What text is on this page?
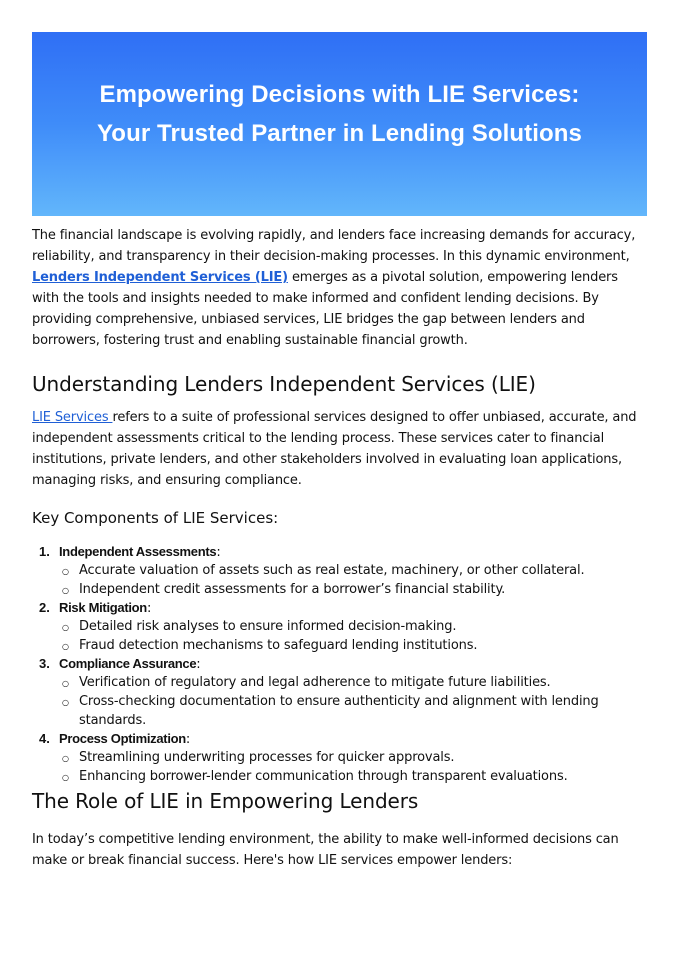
Empowering Decisions with LIE Services:
Your Trusted Partner in Lending Solutions

The financial landscape is evolving rapidly, and lenders face increasing demands for accuracy, reliability, and transparency in their decision-making processes. In this dynamic environment, Lenders Independent Services (LIE) emerges as a pivotal solution, empowering lenders with the tools and insights needed to make informed and confident lending decisions. By providing comprehensive, unbiased services, LIE bridges the gap between lenders and borrowers, fostering trust and enabling sustainable financial growth.

Understanding Lenders Independent Services (LIE)

LIE Services refers to a suite of professional services designed to offer unbiased, accurate, and independent assessments critical to the lending process. These services cater to financial institutions, private lenders, and other stakeholders involved in evaluating loan applications, managing risks, and ensuring compliance.

Key Components of LIE Services:
1. Independent Assessments:
○ Accurate valuation of assets such as real estate, machinery, or other collateral.
○ Independent credit assessments for a borrower’s financial stability.
2. Risk Mitigation:
○ Detailed risk analyses to ensure informed decision-making.
○ Fraud detection mechanisms to safeguard lending institutions.
3. Compliance Assurance:
○ Verification of regulatory and legal adherence to mitigate future liabilities.
○ Cross-checking documentation to ensure authenticity and alignment with lending standards.
4. Process Optimization:
○ Streamlining underwriting processes for quicker approvals.
○ Enhancing borrower-lender communication through transparent evaluations.
The Role of LIE in Empowering Lenders

In today’s competitive lending environment, the ability to make well-informed decisions can make or break financial success. Here's how LIE services empower lenders:
